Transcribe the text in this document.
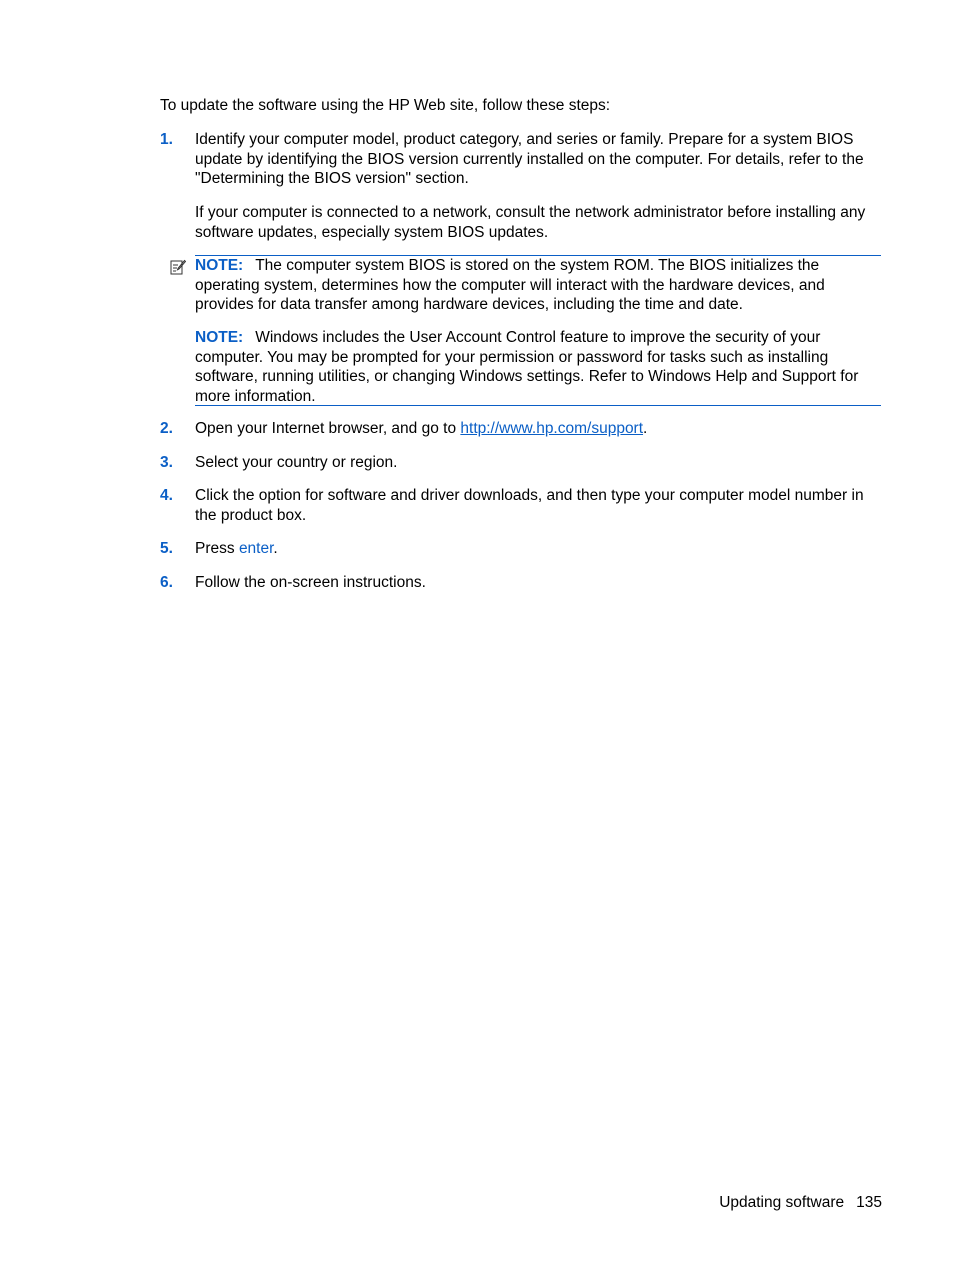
To update the software using the HP Web site, follow these steps:

1. Identify your computer model, product category, and series or family. Prepare for a system BIOS update by identifying the BIOS version currently installed on the computer. For details, refer to the "Determining the BIOS version" section.

If your computer is connected to a network, consult the network administrator before installing any software updates, especially system BIOS updates.

NOTE: The computer system BIOS is stored on the system ROM. The BIOS initializes the operating system, determines how the computer will interact with the hardware devices, and provides for data transfer among hardware devices, including the time and date.

NOTE: Windows includes the User Account Control feature to improve the security of your computer. You may be prompted for your permission or password for tasks such as installing software, running utilities, or changing Windows settings. Refer to Windows Help and Support for more information.

2. Open your Internet browser, and go to http://www.hp.com/support.

3. Select your country or region.

4. Click the option for software and driver downloads, and then type your computer model number in the product box.

5. Press enter.

6. Follow the on-screen instructions.

Updating software 135
